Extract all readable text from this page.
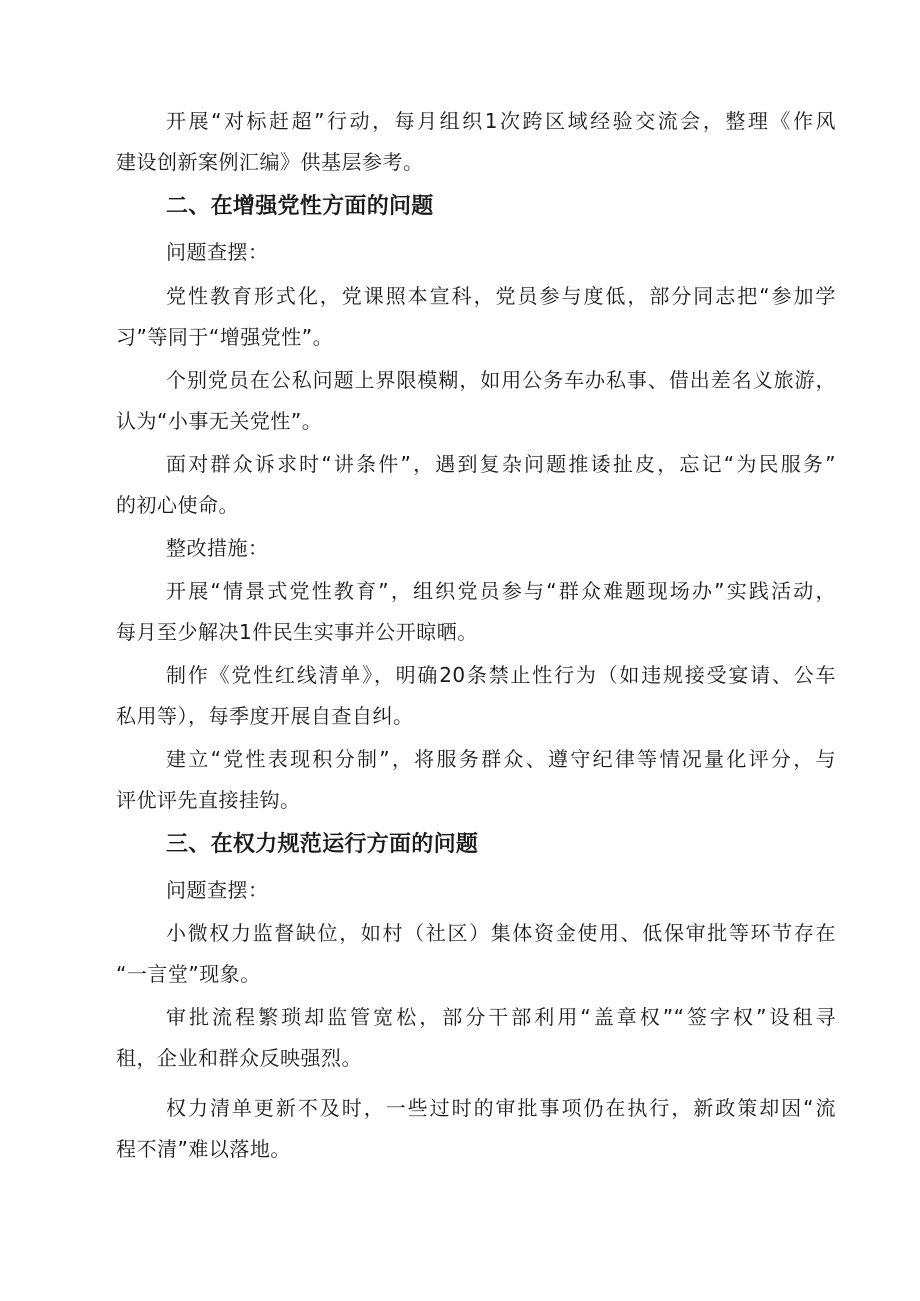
开展“对标赶超”行动，每月组织1次跨区域经验交流会，整理《作风
建设创新案例汇编》供基层参考。
二、在增强党性方面的问题
问题查摆：
党性教育形式化，党课照本宣科，党员参与度低，部分同志把“参加学
习”等同于“增强党性”。
个别党员在公私问题上界限模糊，如用公务车办私事、借出差名义旅游，
认为“小事无关党性”。
面对群众诉求时“讲条件”，遇到复杂问题推诿扯皮，忘记“为民服务”
的初心使命。
整改措施：
开展“情景式党性教育”，组织党员参与“群众难题现场办”实践活动，
每月至少解决1件民生实事并公开晾晒。
制作《党性红线清单》，明确20条禁止性行为（如违规接受宴请、公车
私用等），每季度开展自查自纠。
建立“党性表现积分制”，将服务群众、遵守纪律等情况量化评分，与
评优评先直接挂钩。
三、在权力规范运行方面的问题
问题查摆：
小微权力监督缺位，如村（社区）集体资金使用、低保审批等环节存在
“一言堂”现象。
审批流程繁琐却监管宽松，部分干部利用“盖章权”“签字权”设租寻
租，企业和群众反映强烈。
权力清单更新不及时，一些过时的审批事项仍在执行，新政策却因“流
程不清”难以落地。
